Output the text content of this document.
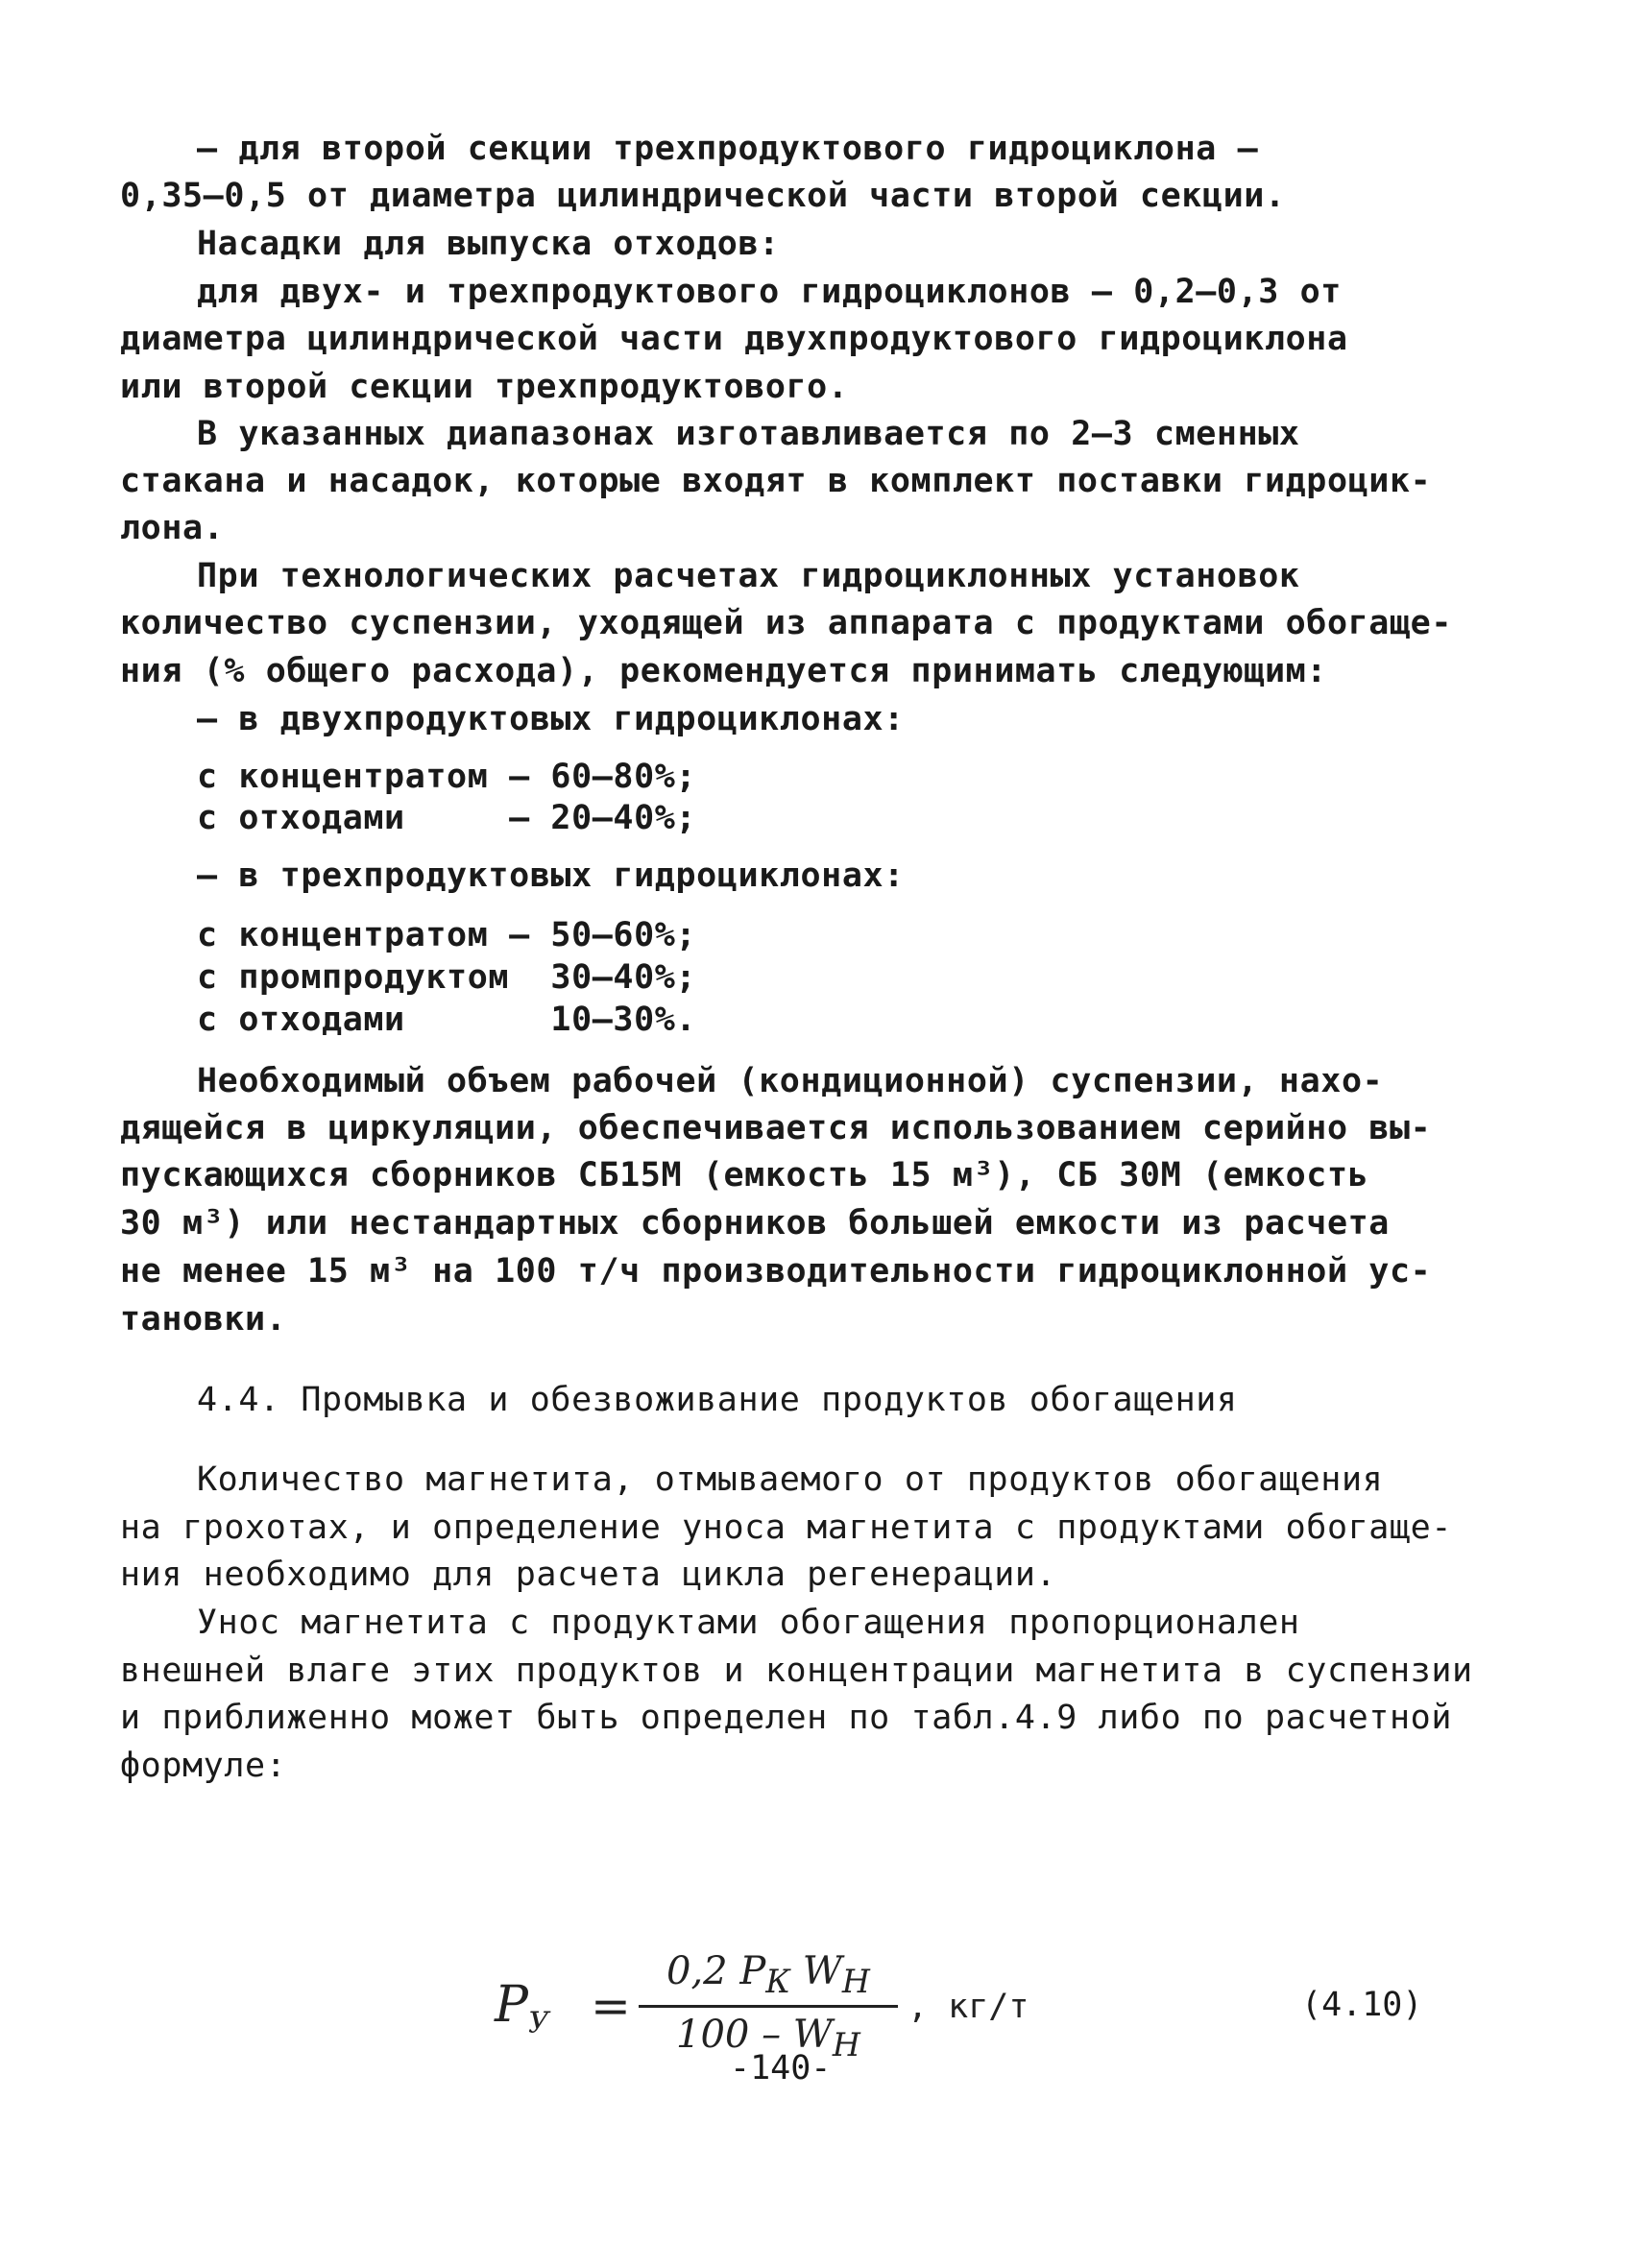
– для второй секции трехпродуктового гидроциклона –
0,35–0,5 от диаметра цилиндрической части второй секции.
Насадки для выпуска отходов:
для двух- и трехпродуктового гидроциклонов – 0,2–0,3 от
диаметра цилиндрической части двухпродуктового гидроциклона
или второй секции трехпродуктового.
В указанных диапазонах изготавливается по 2–3 сменных
стакана и насадок, которые входят в комплект поставки гидроцик-
лона.
При технологических расчетах гидроциклонных установок
количество суспензии, уходящей из аппарата с продуктами обогаще-
ния (% общего расхода), рекомендуется принимать следующим:
– в двухпродуктовых гидроциклонах:
с концентратом – 60–80%;
с отходами     – 20–40%;
– в трехпродуктовых гидроциклонах:
с концентратом – 50–60%;
с промпродуктом  30–40%;
с отходами       10–30%.
Необходимый объем рабочей (кондиционной) суспензии, нахо-
дящейся в циркуляции, обеспечивается использованием серийно вы-
пускающихся сборников СБ15М (емкость 15 м³), СБ 30М (емкость
30 м³) или нестандартных сборников большей емкости из расчета
не менее 15 м³ на 100 т/ч производительности гидроциклонной ус-
тановки.
4.4. Промывка и обезвоживание продуктов обогащения
Количество магнетита, отмываемого от продуктов обогащения
на грохотах, и определение уноса магнетита с продуктами обогаще-
ния необходимо для расчета цикла регенерации.
Унос магнетита с продуктами обогащения пропорционален
внешней влаге этих продуктов и концентрации магнетита в суспензии
и приближенно может быть определен по табл.4.9 либо по расчетной
формуле:
$P_У$ =
0,2 $P_К$ $W_Н$
$100 - W_Н$
, кг/т	(4.10)
-140-
